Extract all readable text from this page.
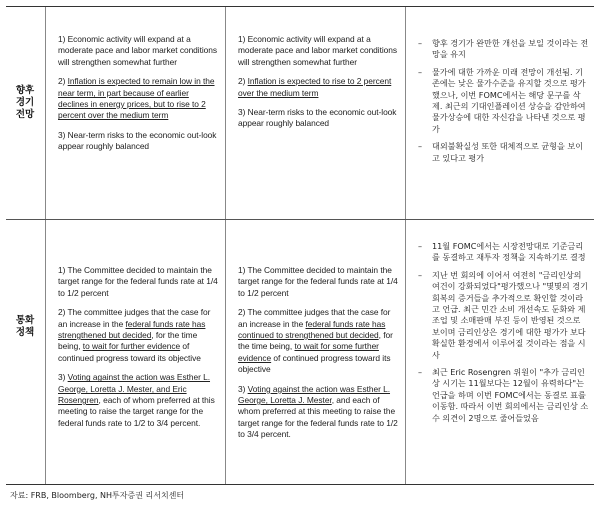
향후
경기
전망
1) Economic activity will expand at a moderate pace and labor market conditions will strengthen somewhat further
2) Inflation is expected to remain low in the near term, in part because of earlier declines in energy prices, but to rise to 2 percent over the medium term
3) Near-term risks to the economic out-look appear roughly balanced
1) Economic activity will expand at a moderate pace and labor market conditions will strengthen somewhat further
2) Inflation is expected to rise to 2 percent over the medium term
3) Near-term risks to the economic out-look appear roughly balanced
– 향후 경기가 완만한 개선을 보일 것이라는 전망을 유지
– 물가에 대한 가까운 미래 전망이 개선됨. 기존에는 낮은 물가수준을 유지할 것으로 평가했으나, 이번 FOMC에서는 해당 문구를 삭제. 최근의 기대인플레이션 상승을 감안하여 물가상승에 대한 자신감을 나타낸 것으로 평가
– 대외불확실성 또한 대체적으로 균형을 보이고 있다고 평가
통화
정책
1) The Committee decided to maintain the target range for the federal funds rate at 1/4 to 1/2 percent
2) The committee judges that the case for an increase in the federal funds rate has strengthened but decided, for the time being, to wait for further evidence of continued progress toward its objective
3) Voting against the action was Esther L. George, Loretta J. Mester, and Eric Rosengren, each of whom preferred at this meeting to raise the target range for the federal funds rate to 1/2 to 3/4 percent.
1) The Committee decided to maintain the target range for the federal funds rate at 1/4 to 1/2 percent
2) The committee judges that the case for an increase in the federal funds rate has continued to strengthened but decided, for the time being, to wait for some further evidence of continued progress toward its objective
3) Voting against the action was Esther L. George, Loretta J. Mester, and each of whom preferred at this meeting to raise the target range for the federal funds rate to 1/2 to 3/4 percent.
– 11월 FOMC에서는 시장전망대로 기준금리를 동결하고 재투자 정책을 지속하기로 결정
– 지난 번 회의에 이어서 여전히 "금리인상의 여건이 강화되었다"평가했으나 "몇몇의 경기회복의 증거들을 추가적으로 확인할 것이라고 언급. 최근 민간 소비 개선속도 둔화와 제조업 및 소매판매 부진 등이 반영된 것으로 보이며 금리인상은 경기에 대한 평가가 보다 확실한 환경에서 이루어질 것이라는 점을 시사
– 최근 Eric Rosengren 위원이 "추가 금리인상 시기는 11월보다는 12월이 유력하다"는 언급을 하며 이번 FOMC에서는 동결로 표를 이동함. 따라서 이번 회의에서는 금리인상 소수 의견이 2명으로 줄어들었음
자료: FRB, Bloomberg, NH투자증권 리서치센터
